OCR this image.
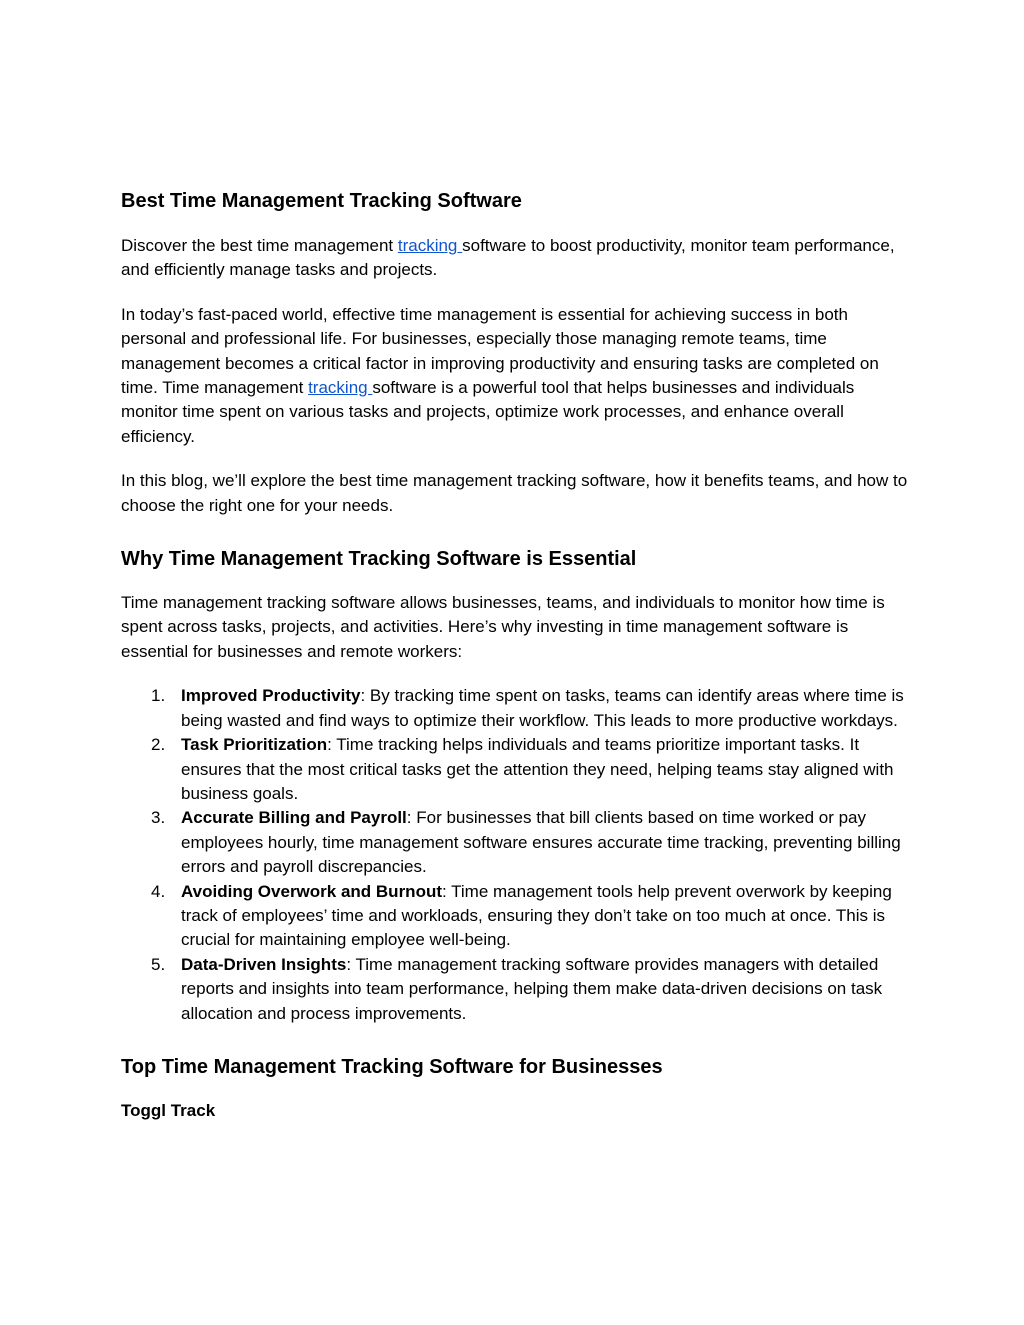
Best Time Management Tracking Software

Discover the best time management tracking software to boost productivity, monitor team performance, and efficiently manage tasks and projects.

In today’s fast-paced world, effective time management is essential for achieving success in both personal and professional life. For businesses, especially those managing remote teams, time management becomes a critical factor in improving productivity and ensuring tasks are completed on time. Time management tracking software is a powerful tool that helps businesses and individuals monitor time spent on various tasks and projects, optimize work processes, and enhance overall efficiency.

In this blog, we’ll explore the best time management tracking software, how it benefits teams, and how to choose the right one for your needs.

Why Time Management Tracking Software is Essential

Time management tracking software allows businesses, teams, and individuals to monitor how time is spent across tasks, projects, and activities. Here’s why investing in time management software is essential for businesses and remote workers:

1. Improved Productivity: By tracking time spent on tasks, teams can identify areas where time is being wasted and find ways to optimize their workflow. This leads to more productive workdays.
2. Task Prioritization: Time tracking helps individuals and teams prioritize important tasks. It ensures that the most critical tasks get the attention they need, helping teams stay aligned with business goals.
3. Accurate Billing and Payroll: For businesses that bill clients based on time worked or pay employees hourly, time management software ensures accurate time tracking, preventing billing errors and payroll discrepancies.
4. Avoiding Overwork and Burnout: Time management tools help prevent overwork by keeping track of employees’ time and workloads, ensuring they don’t take on too much at once. This is crucial for maintaining employee well-being.
5. Data-Driven Insights: Time management tracking software provides managers with detailed reports and insights into team performance, helping them make data-driven decisions on task allocation and process improvements.
Top Time Management Tracking Software for Businesses
Toggl Track
